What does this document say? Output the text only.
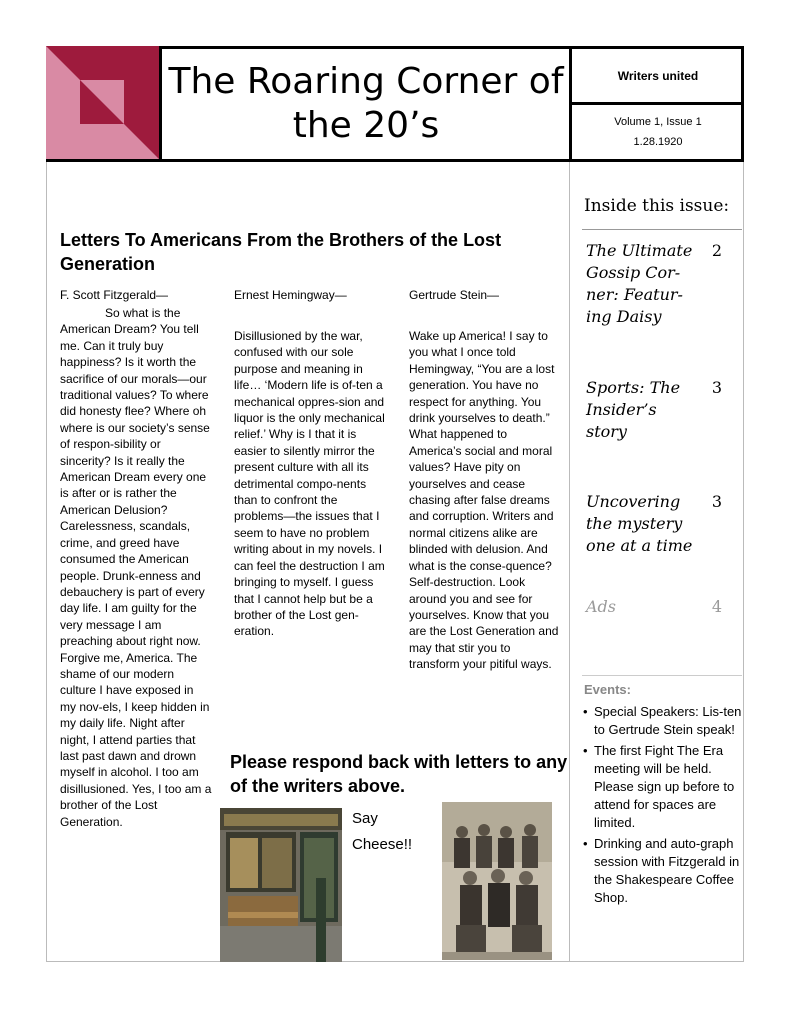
The Roaring Corner of the 20’s
Writers united
Volume 1, Issue 1
1.28.1920
Inside this issue:
The Ultimate Gossip Cor-ner: Featur-ing Daisy
2
Sports: The Insider’s story
3
Uncovering the mystery one at a time
3
Ads	4
Events:
• Special Speakers: Lis-ten to Gertrude Stein speak!
• The first Fight The Era meeting will be held. Please sign up before to attend for spaces are limited.
• Drinking and auto-graph session with Fitzgerald in the Shakespeare Coffee Shop.
Letters To Americans From the Brothers of the Lost Generation
F. Scott Fitzgerald—
So what is the American Dream? You tell me. Can it truly buy happiness? Is it worth the sacrifice of our morals—our traditional values? To where did honesty flee? Where oh where is our society’s sense of respon-sibility or sincerity? Is it really the American Dream every one is after or is rather the American Delusion? Carelessness, scandals, crime, and greed have consumed the American people. Drunk-enness and debauchery is part of every day life. I am guilty for the very message I am preaching about right now. Forgive me, America. The shame of our modern culture I have exposed in my nov-els, I keep hidden in my daily life. Night after night, I attend parties that last past dawn and drown myself in alcohol. I too am disillusioned. Yes, I too am a brother of the Lost Generation.
Ernest Hemingway—
Disillusioned by the war, confused with our sole purpose and meaning in life… ‘Modern life is of-ten a mechanical oppres-sion and liquor is the only mechanical relief.’ Why is I that it is easier to silently mirror the present culture with all its detrimental compo-nents than to confront the problems—the issues that I seem to have no problem writing about in my novels. I can feel the destruction I am bringing to myself. I guess that I cannot help but be a brother of the Lost gen-eration.
Gertrude Stein—
Wake up America! I say to you what I once told Hemingway, “You are a lost generation. You have no respect for anything. You drink yourselves to death.” What happened to America’s social and moral values? Have pity on yourselves and cease chasing after false dreams and corruption. Writers and normal citizens alike are blinded with delusion. And what is the conse-quence? Self-destruction. Look around you and see for yourselves. Know that you are the Lost Generation and may that stir you to transform your pitiful ways.
Please respond back with letters to any of the writers above.
Say Cheese!!
